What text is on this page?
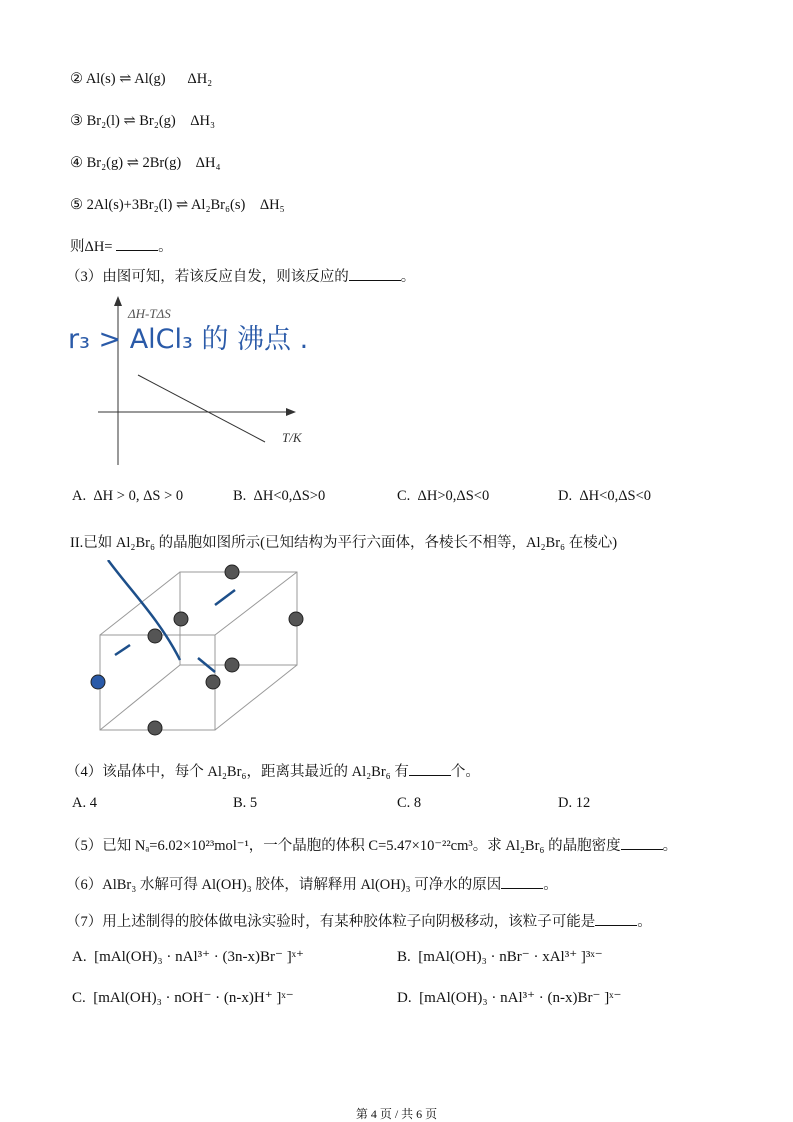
② Al(s) ⇌ Al(g)      ΔH₂
③ Br₂(l) ⇌ Br₂(g)    ΔH₃
④ Br₂(g) ⇌ 2Br(g)    ΔH₄
⑤ 2Al(s)+3Br₂(l) ⇌ Al₂Br₆(s)    ΔH₅
则ΔH=	。
（3）由图可知，若该反应自发，则该反应的	。
ΔH-TΔS
T/K
r₃ > AlCl₃ 的 沸点 .
A.  ΔH > 0, ΔS > 0	B.  ΔH<0,ΔS>0	C.  ΔH>0,ΔS<0	D.  ΔH<0,ΔS<0
II.已如 Al₂Br₆ 的晶胞如图所示(已知结构为平行六面体，各棱长不相等，Al₂Br₆ 在棱心)
（4）该晶体中，每个 Al₂Br₆，距离其最近的 Al₂Br₆ 有	个。
A. 4	B. 5	C. 8	D. 12
（5）已知 Nₐ=6.02×10²³mol⁻¹，一个晶胞的体积 C=5.47×10⁻²²cm³。求 Al₂Br₆ 的晶胞密度	。
（6）AlBr₃ 水解可得 Al(OH)₃ 胶体，请解释用 Al(OH)₃ 可净水的原因	。
（7）用上述制得的胶体做电泳实验时，有某种胶体粒子向阴极移动，该粒子可能是	。
A.  [mAl(OH)₃ · nAl³⁺ · (3n-x)Br⁻ ]ˣ⁺	B.  [mAl(OH)₃ · nBr⁻ · xAl³⁺ ]³ˣ⁻
C.  [mAl(OH)₃ · nOH⁻ · (n-x)H⁺ ]ˣ⁻	D.  [mAl(OH)₃ · nAl³⁺ · (n-x)Br⁻ ]ˣ⁻
第 4 页 / 共 6 页
